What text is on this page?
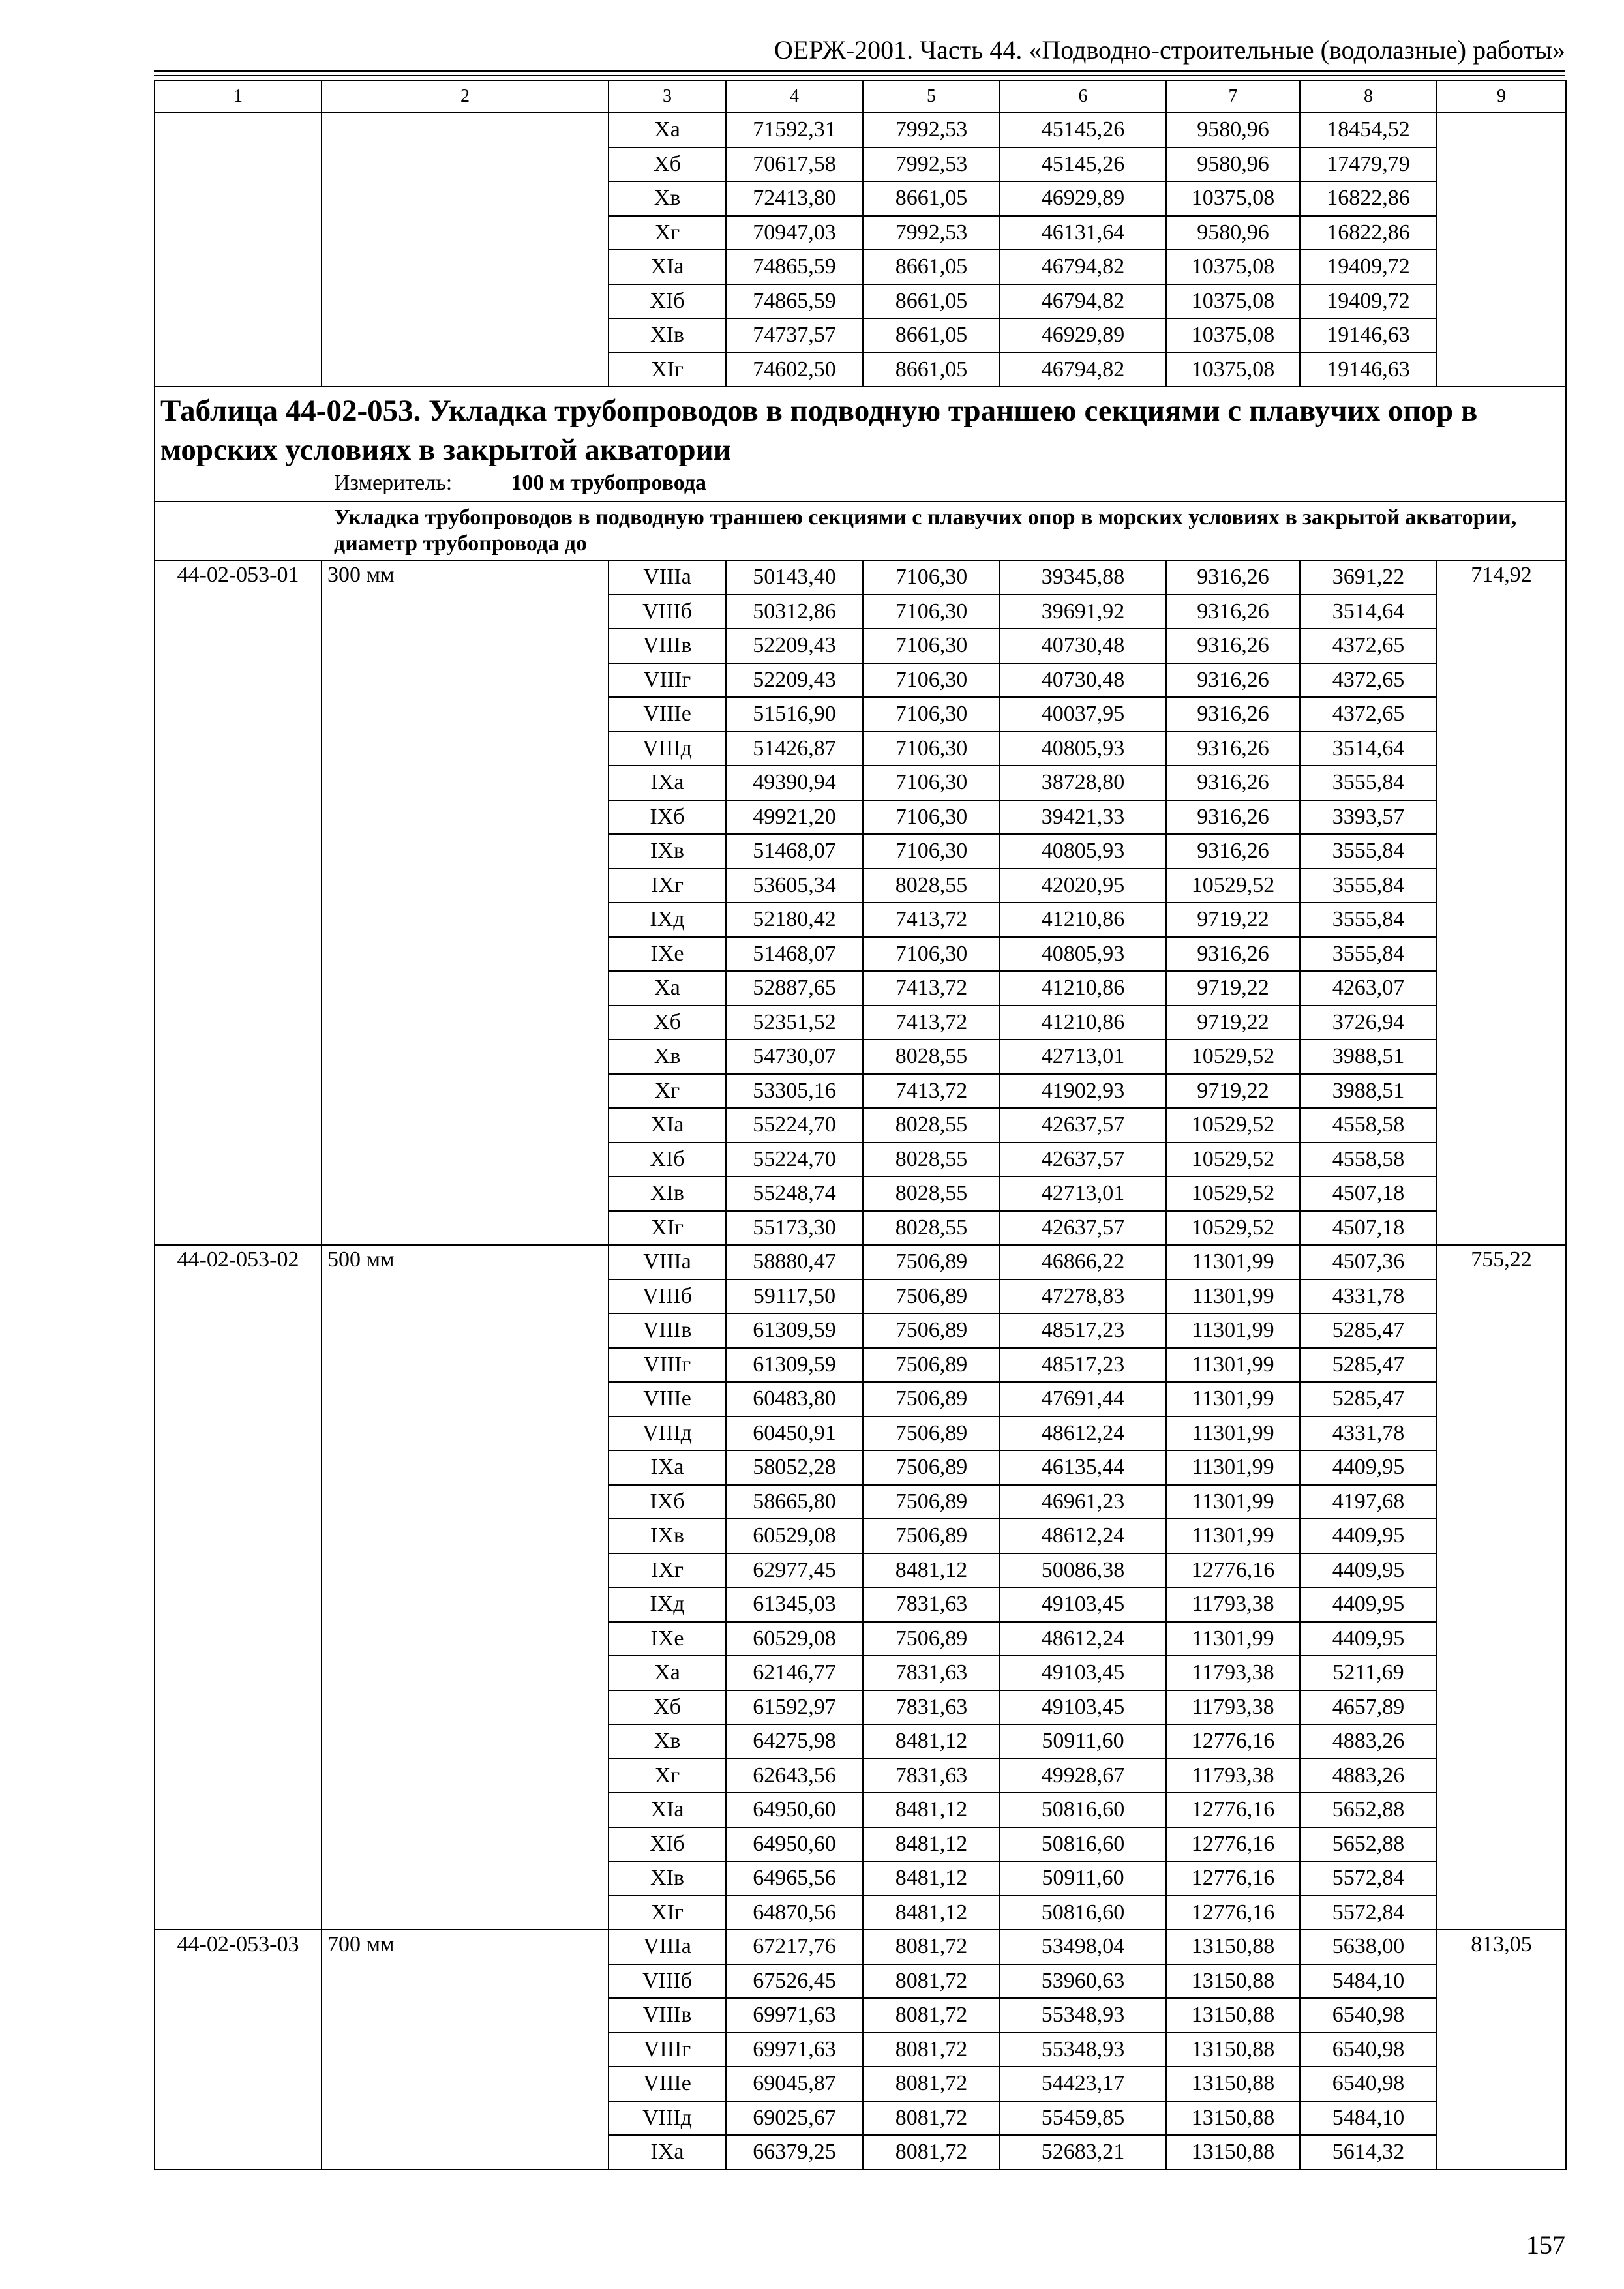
ОЕРЖ-2001. Часть 44. «Подводно-строительные (водолазные) работы»
1	2	3	4	5	6	7	8	9
		Xa	71592,31	7992,53	45145,26	9580,96	18454,52	
		Xб	70617,58	7992,53	45145,26	9580,96	17479,79	
		Xв	72413,80	8661,05	46929,89	10375,08	16822,86	
		Xг	70947,03	7992,53	46131,64	9580,96	16822,86	
		XIa	74865,59	8661,05	46794,82	10375,08	19409,72	
		XIб	74865,59	8661,05	46794,82	10375,08	19409,72	
		XIв	74737,57	8661,05	46929,89	10375,08	19146,63	
		XIг	74602,50	8661,05	46794,82	10375,08	19146,63	

Таблица 44-02-053. Укладка трубопроводов в подводную траншею секциями с плавучих опор в морских условиях в закрытой акватории
Измеритель: 100 м трубопровода								

Укладка трубопроводов в подводную траншею секциями с плавучих опор в морских условиях в закрытой акватории, диаметр трубопровода до								
44-02-053-01	300 мм	VIIIa	50143,40	7106,30	39345,88	9316,26	3691,22	714,92
		VIIIб	50312,86	7106,30	39691,92	9316,26	3514,64	
		VIIIв	52209,43	7106,30	40730,48	9316,26	4372,65	
		VIIIг	52209,43	7106,30	40730,48	9316,26	4372,65	
		VIIIе	51516,90	7106,30	40037,95	9316,26	4372,65	
		VIIIд	51426,87	7106,30	40805,93	9316,26	3514,64	
		IXa	49390,94	7106,30	38728,80	9316,26	3555,84	
		IXб	49921,20	7106,30	39421,33	9316,26	3393,57	
		IXв	51468,07	7106,30	40805,93	9316,26	3555,84	
		IXг	53605,34	8028,55	42020,95	10529,52	3555,84	
		IXд	52180,42	7413,72	41210,86	9719,22	3555,84	
		IXе	51468,07	7106,30	40805,93	9316,26	3555,84	
		Xa	52887,65	7413,72	41210,86	9719,22	4263,07	
		Xб	52351,52	7413,72	41210,86	9719,22	3726,94	
		Xв	54730,07	8028,55	42713,01	10529,52	3988,51	
		Xг	53305,16	7413,72	41902,93	9719,22	3988,51	
		XIa	55224,70	8028,55	42637,57	10529,52	4558,58	
		XIб	55224,70	8028,55	42637,57	10529,52	4558,58	
		XIв	55248,74	8028,55	42713,01	10529,52	4507,18	
		XIг	55173,30	8028,55	42637,57	10529,52	4507,18	
44-02-053-02	500 мм	VIIIa	58880,47	7506,89	46866,22	11301,99	4507,36	755,22
		VIIIб	59117,50	7506,89	47278,83	11301,99	4331,78	
		VIIIв	61309,59	7506,89	48517,23	11301,99	5285,47	
		VIIIг	61309,59	7506,89	48517,23	11301,99	5285,47	
		VIIIе	60483,80	7506,89	47691,44	11301,99	5285,47	
		VIIIд	60450,91	7506,89	48612,24	11301,99	4331,78	
		IXa	58052,28	7506,89	46135,44	11301,99	4409,95	
		IXб	58665,80	7506,89	46961,23	11301,99	4197,68	
		IXв	60529,08	7506,89	48612,24	11301,99	4409,95	
		IXг	62977,45	8481,12	50086,38	12776,16	4409,95	
		IXд	61345,03	7831,63	49103,45	11793,38	4409,95	
		IXе	60529,08	7506,89	48612,24	11301,99	4409,95	
		Xa	62146,77	7831,63	49103,45	11793,38	5211,69	
		Xб	61592,97	7831,63	49103,45	11793,38	4657,89	
		Xв	64275,98	8481,12	50911,60	12776,16	4883,26	
		Xг	62643,56	7831,63	49928,67	11793,38	4883,26	
		XIa	64950,60	8481,12	50816,60	12776,16	5652,88	
		XIб	64950,60	8481,12	50816,60	12776,16	5652,88	
		XIв	64965,56	8481,12	50911,60	12776,16	5572,84	
		XIг	64870,56	8481,12	50816,60	12776,16	5572,84	
44-02-053-03	700 мм	VIIIa	67217,76	8081,72	53498,04	13150,88	5638,00	813,05
		VIIIб	67526,45	8081,72	53960,63	13150,88	5484,10	
		VIIIв	69971,63	8081,72	55348,93	13150,88	6540,98	
		VIIIг	69971,63	8081,72	55348,93	13150,88	6540,98	
		VIIIе	69045,87	8081,72	54423,17	13150,88	6540,98	
		VIIIд	69025,67	8081,72	55459,85	13150,88	5484,10	
		IXa	66379,25	8081,72	52683,21	13150,88	5614,32	
157
